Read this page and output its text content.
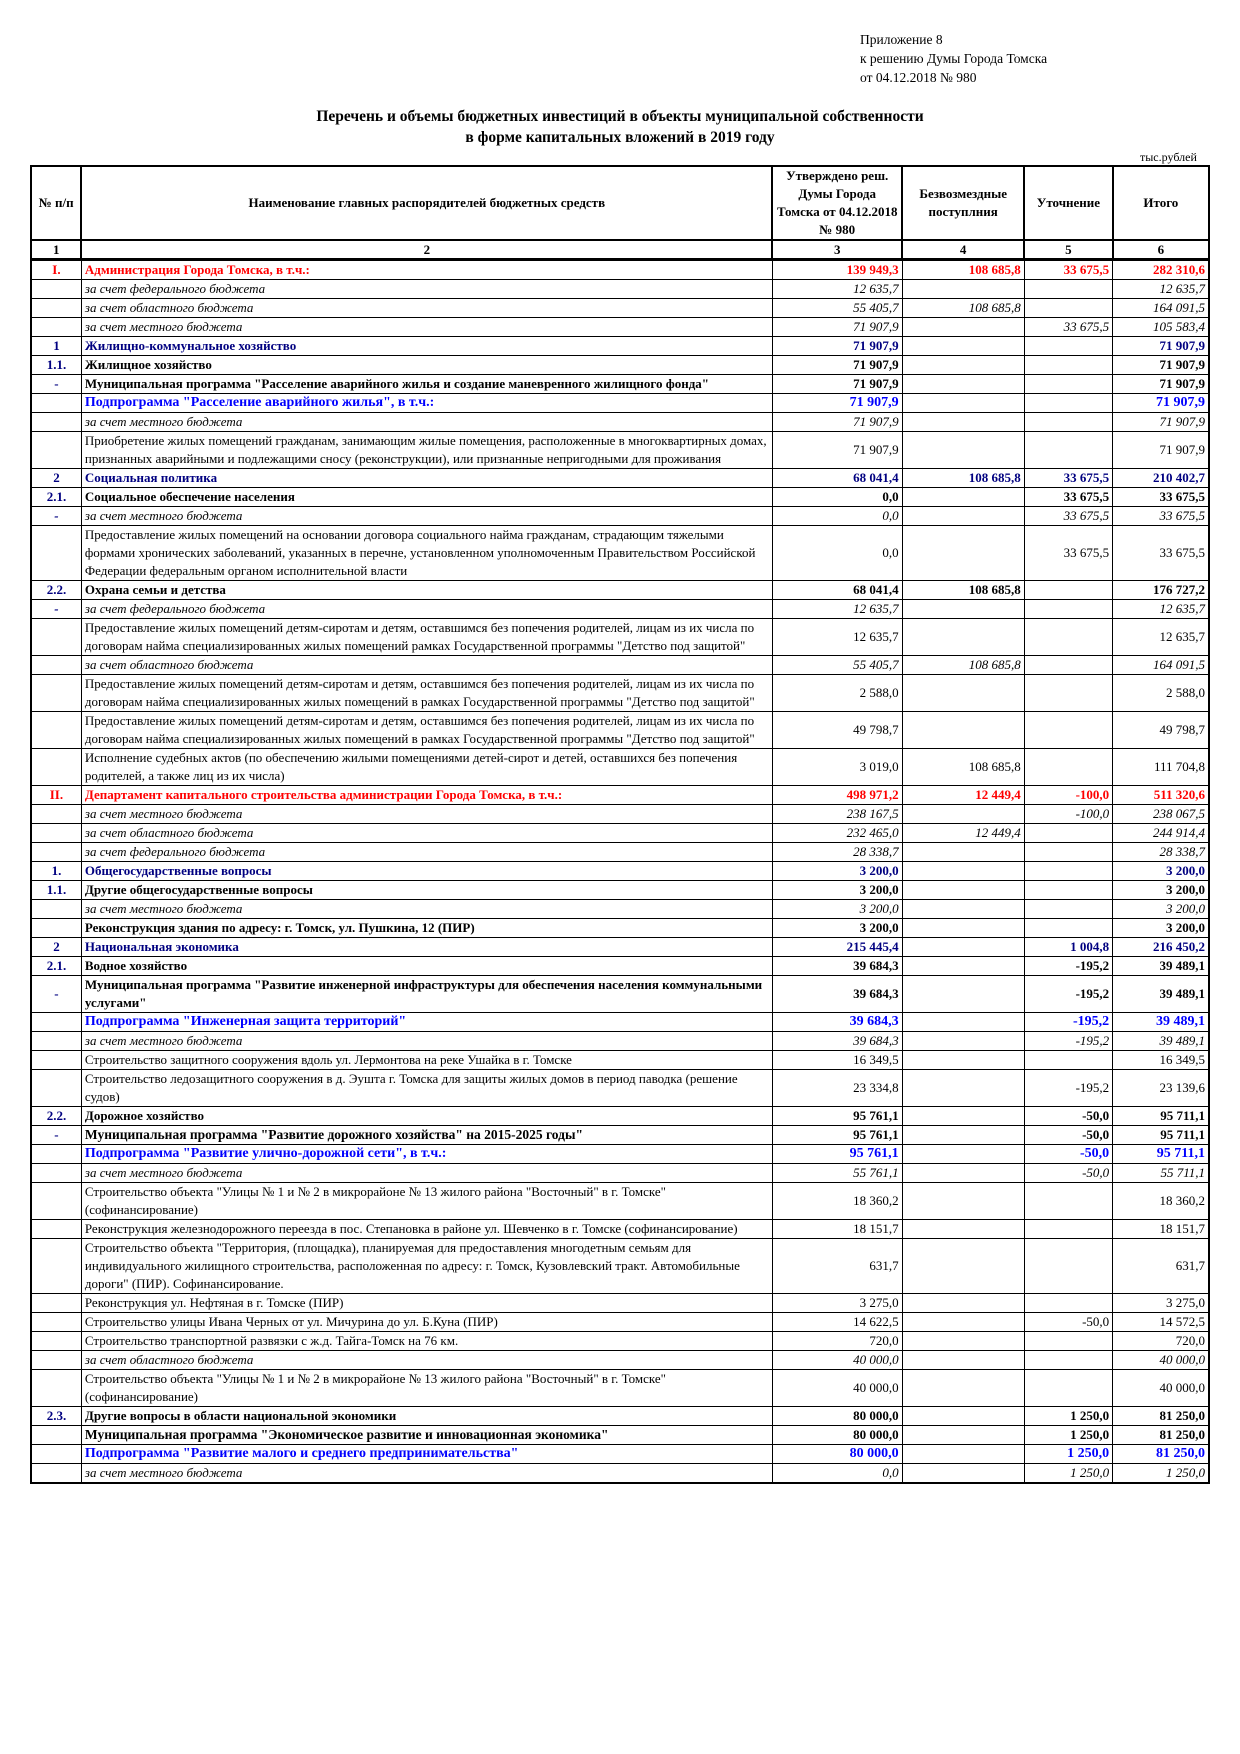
Приложение 8
к решению Думы Города Томска
от 04.12.2018 № 980
Перечень и объемы бюджетных инвестиций в объекты муниципальной собственности
в форме капитальных вложений в 2019 году
тыс.рублей
№ п/п	Наименование главных распорядителей бюджетных средств	Утверждено реш. Думы Города Томска от 04.12.2018 № 980	Безвозмездные поступлния	Уточнение	Итого
1	2	3	4	5	6
I.	Администрация Города Томска, в т.ч.:	139 949,3	108 685,8	33 675,5	282 310,6
	за счет федерального бюджета	12 635,7			12 635,7
	за счет областного бюджета	55 405,7	108 685,8		164 091,5
	за счет местного бюджета	71 907,9		33 675,5	105 583,4
1	Жилищно-коммунальное хозяйство	71 907,9			71 907,9
1.1.	Жилищное хозяйство	71 907,9			71 907,9
-	Муниципальная программа "Расселение аварийного жилья и создание маневренного жилищного фонда"	71 907,9			71 907,9
	Подпрограмма "Расселение аварийного жилья", в т.ч.:	71 907,9			71 907,9
	за счет местного бюджета	71 907,9			71 907,9
	Приобретение жилых помещений гражданам, занимающим жилые помещения, расположенные в многоквартирных домах, признанных аварийными и подлежащими сносу (реконструкции), или признанные непригодными для проживания	71 907,9			71 907,9
2	Социальная политика	68 041,4	108 685,8	33 675,5	210 402,7
2.1.	Социальное обеспечение населения	0,0		33 675,5	33 675,5
-	за счет местного бюджета	0,0		33 675,5	33 675,5
	Предоставление жилых помещений на основании договора социального найма гражданам, страдающим тяжелыми формами хронических заболеваний, указанных в перечне, установленном уполномоченным Правительством Российской Федерации федеральным органом исполнительной власти	0,0		33 675,5	33 675,5
2.2.	Охрана семьи и детства	68 041,4	108 685,8		176 727,2
-	за счет федерального бюджета	12 635,7			12 635,7
	Предоставление жилых помещений детям-сиротам и детям, оставшимся без попечения родителей, лицам из их числа по договорам найма специализированных жилых помещений рамках Государственной программы "Детство под защитой"	12 635,7			12 635,7
	за счет областного бюджета	55 405,7	108 685,8		164 091,5
	Предоставление жилых помещений детям-сиротам и детям, оставшимся без попечения родителей, лицам из их числа по договорам найма специализированных жилых помещений в рамках Государственной программы "Детство под защитой"	2 588,0			2 588,0
	Предоставление жилых помещений детям-сиротам и детям, оставшимся без попечения родителей, лицам из их числа по договорам найма специализированных жилых помещений в рамках Государственной программы "Детство под защитой"	49 798,7			49 798,7
	Исполнение судебных актов (по обеспечению жилыми помещениями детей-сирот и детей, оставшихся без попечения родителей, а также лиц из их числа)	3 019,0	108 685,8		111 704,8
II.	Департамент капитального строительства администрации Города Томска, в т.ч.:	498 971,2	12 449,4	-100,0	511 320,6
	за счет местного бюджета	238 167,5		-100,0	238 067,5
	за счет областного бюджета	232 465,0	12 449,4		244 914,4
	за счет федерального бюджета	28 338,7			28 338,7
1.	Общегосударственные вопросы	3 200,0			3 200,0
1.1.	Другие общегосударственные вопросы	3 200,0			3 200,0
	за счет местного бюджета	3 200,0			3 200,0
	Реконструкция здания по адресу: г. Томск, ул. Пушкина, 12 (ПИР)	3 200,0			3 200,0
2	Национальная экономика	215 445,4		1 004,8	216 450,2
2.1.	Водное хозяйство	39 684,3		-195,2	39 489,1
-	Муниципальная программа "Развитие инженерной инфраструктуры для обеспечения населения коммунальными услугами"	39 684,3		-195,2	39 489,1
	Подпрограмма "Инженерная защита территорий"	39 684,3		-195,2	39 489,1
	за счет местного бюджета	39 684,3		-195,2	39 489,1
	Строительство защитного сооружения вдоль ул. Лермонтова на реке Ушайка в г. Томске	16 349,5			16 349,5
	Строительство ледозащитного сооружения в д. Эушта г. Томска для защиты жилых домов в период паводка (решение судов)	23 334,8		-195,2	23 139,6
2.2.	Дорожное хозяйство	95 761,1		-50,0	95 711,1
-	Муниципальная программа "Развитие дорожного хозяйства" на 2015-2025 годы"	95 761,1		-50,0	95 711,1
	Подпрограмма "Развитие улично-дорожной сети", в т.ч.:	95 761,1		-50,0	95 711,1
	за счет местного бюджета	55 761,1		-50,0	55 711,1
	Строительство объекта "Улицы № 1 и № 2 в микрорайоне № 13 жилого района "Восточный" в г. Томске" (софинансирование)	18 360,2			18 360,2
	Реконструкция железнодорожного переезда в пос. Степановка в районе ул. Шевченко в г. Томске (софинансирование)	18 151,7			18 151,7
	Строительство объекта "Территория, (площадка), планируемая для предоставления многодетным семьям для индивидуального жилищного строительства, расположенная по адресу: г. Томск, Кузовлевский тракт. Автомобильные дороги" (ПИР). Софинансирование.	631,7			631,7
	Реконструкция ул. Нефтяная в г. Томске (ПИР)	3 275,0			3 275,0
	Строительство улицы Ивана Черных от ул. Мичурина до ул. Б.Куна (ПИР)	14 622,5		-50,0	14 572,5
	Строительство транспортной развязки с ж.д. Тайга-Томск на 76 км.	720,0			720,0
	за счет областного бюджета	40 000,0			40 000,0
	Строительство объекта "Улицы № 1 и № 2 в микрорайоне № 13 жилого района "Восточный" в г. Томске" (софинансирование)	40 000,0			40 000,0
2.3.	Другие вопросы в области национальной экономики	80 000,0		1 250,0	81 250,0
	Муниципальная программа "Экономическое развитие и инновационная экономика"	80 000,0		1 250,0	81 250,0
	Подпрограмма "Развитие малого и среднего предпринимательства"	80 000,0		1 250,0	81 250,0
	за счет местного бюджета	0,0		1 250,0	1 250,0
